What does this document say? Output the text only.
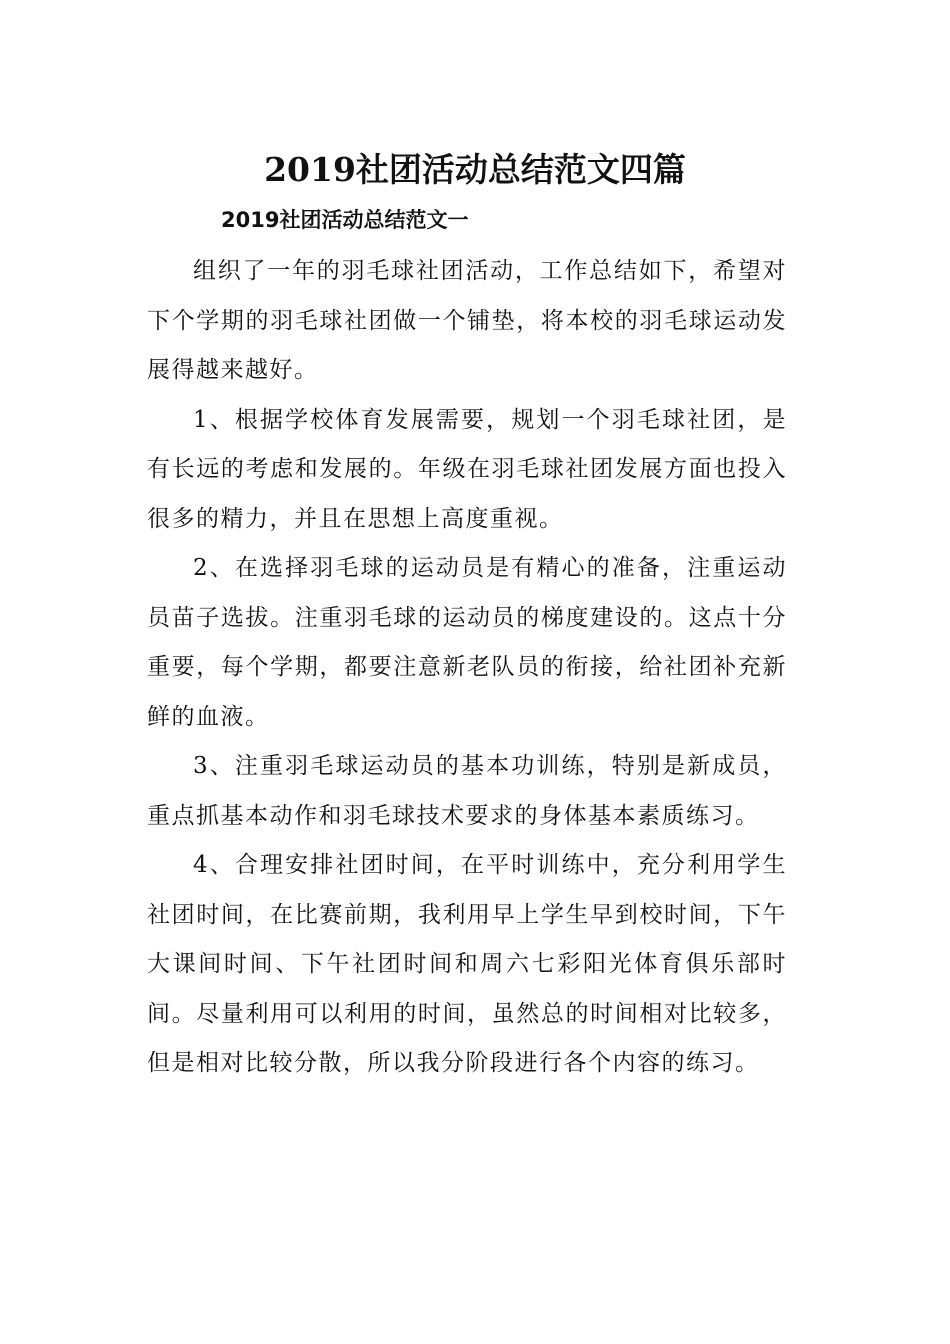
2019社团活动总结范文四篇
2019社团活动总结范文一

组织了一年的羽毛球社团活动，工作总结如下，希望对下个学期的羽毛球社团做一个铺垫，将本校的羽毛球运动发展得越来越好。

1、根据学校体育发展需要，规划一个羽毛球社团，是有长远的考虑和发展的。年级在羽毛球社团发展方面也投入很多的精力，并且在思想上高度重视。

2、在选择羽毛球的运动员是有精心的准备，注重运动员苗子选拔。注重羽毛球的运动员的梯度建设的。这点十分重要，每个学期，都要注意新老队员的衔接，给社团补充新鲜的血液。

3、注重羽毛球运动员的基本功训练，特别是新成员，重点抓基本动作和羽毛球技术要求的身体基本素质练习。

4、合理安排社团时间，在平时训练中，充分利用学生社团时间，在比赛前期，我利用早上学生早到校时间，下午大课间时间、下午社团时间和周六七彩阳光体育俱乐部时间。尽量利用可以利用的时间，虽然总的时间相对比较多，但是相对比较分散，所以我分阶段进行各个内容的练习。
